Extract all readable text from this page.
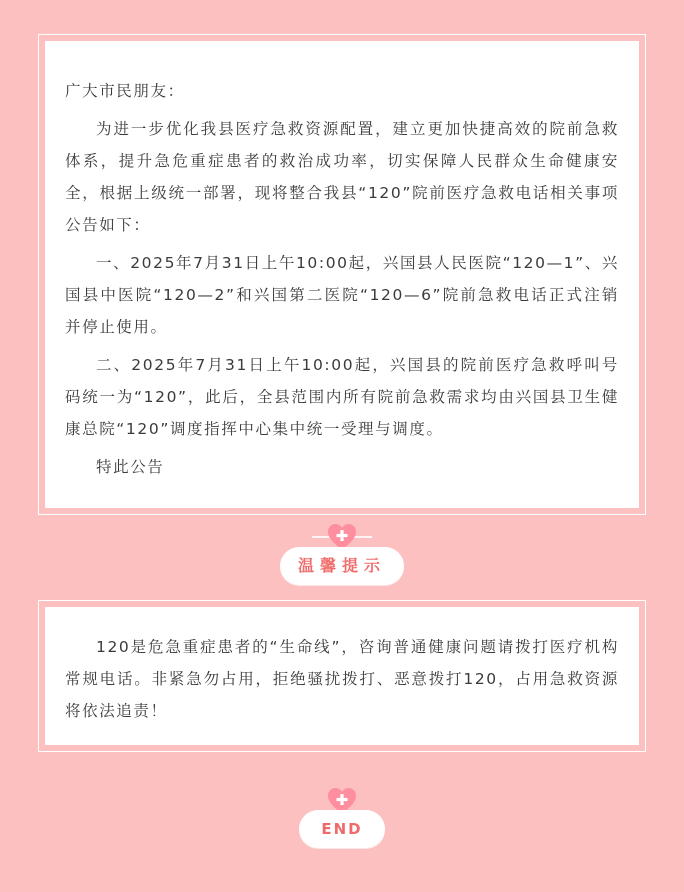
广大市民朋友：

为进一步优化我县医疗急救资源配置，建立更加快捷高效的院前急救体系，提升急危重症患者的救治成功率，切实保障人民群众生命健康安全，根据上级统一部署，现将整合我县“120”院前医疗急救电话相关事项公告如下：

一、2025年7月31日上午10:00起，兴国县人民医院“120—1”、兴国县中医院“120—2”和兴国第二医院“120—6”院前急救电话正式注销并停止使用。

二、2025年7月31日上午10:00起，兴国县的院前医疗急救呼叫号码统一为“120”，此后，全县范围内所有院前急救需求均由兴国县卫生健康总院“120”调度指挥中心集中统一受理与调度。

特此公告

温馨提示

120是危急重症患者的“生命线”，咨询普通健康问题请拨打医疗机构常规电话。非紧急勿占用，拒绝骚扰拨打、恶意拨打120，占用急救资源将依法追责！

END
